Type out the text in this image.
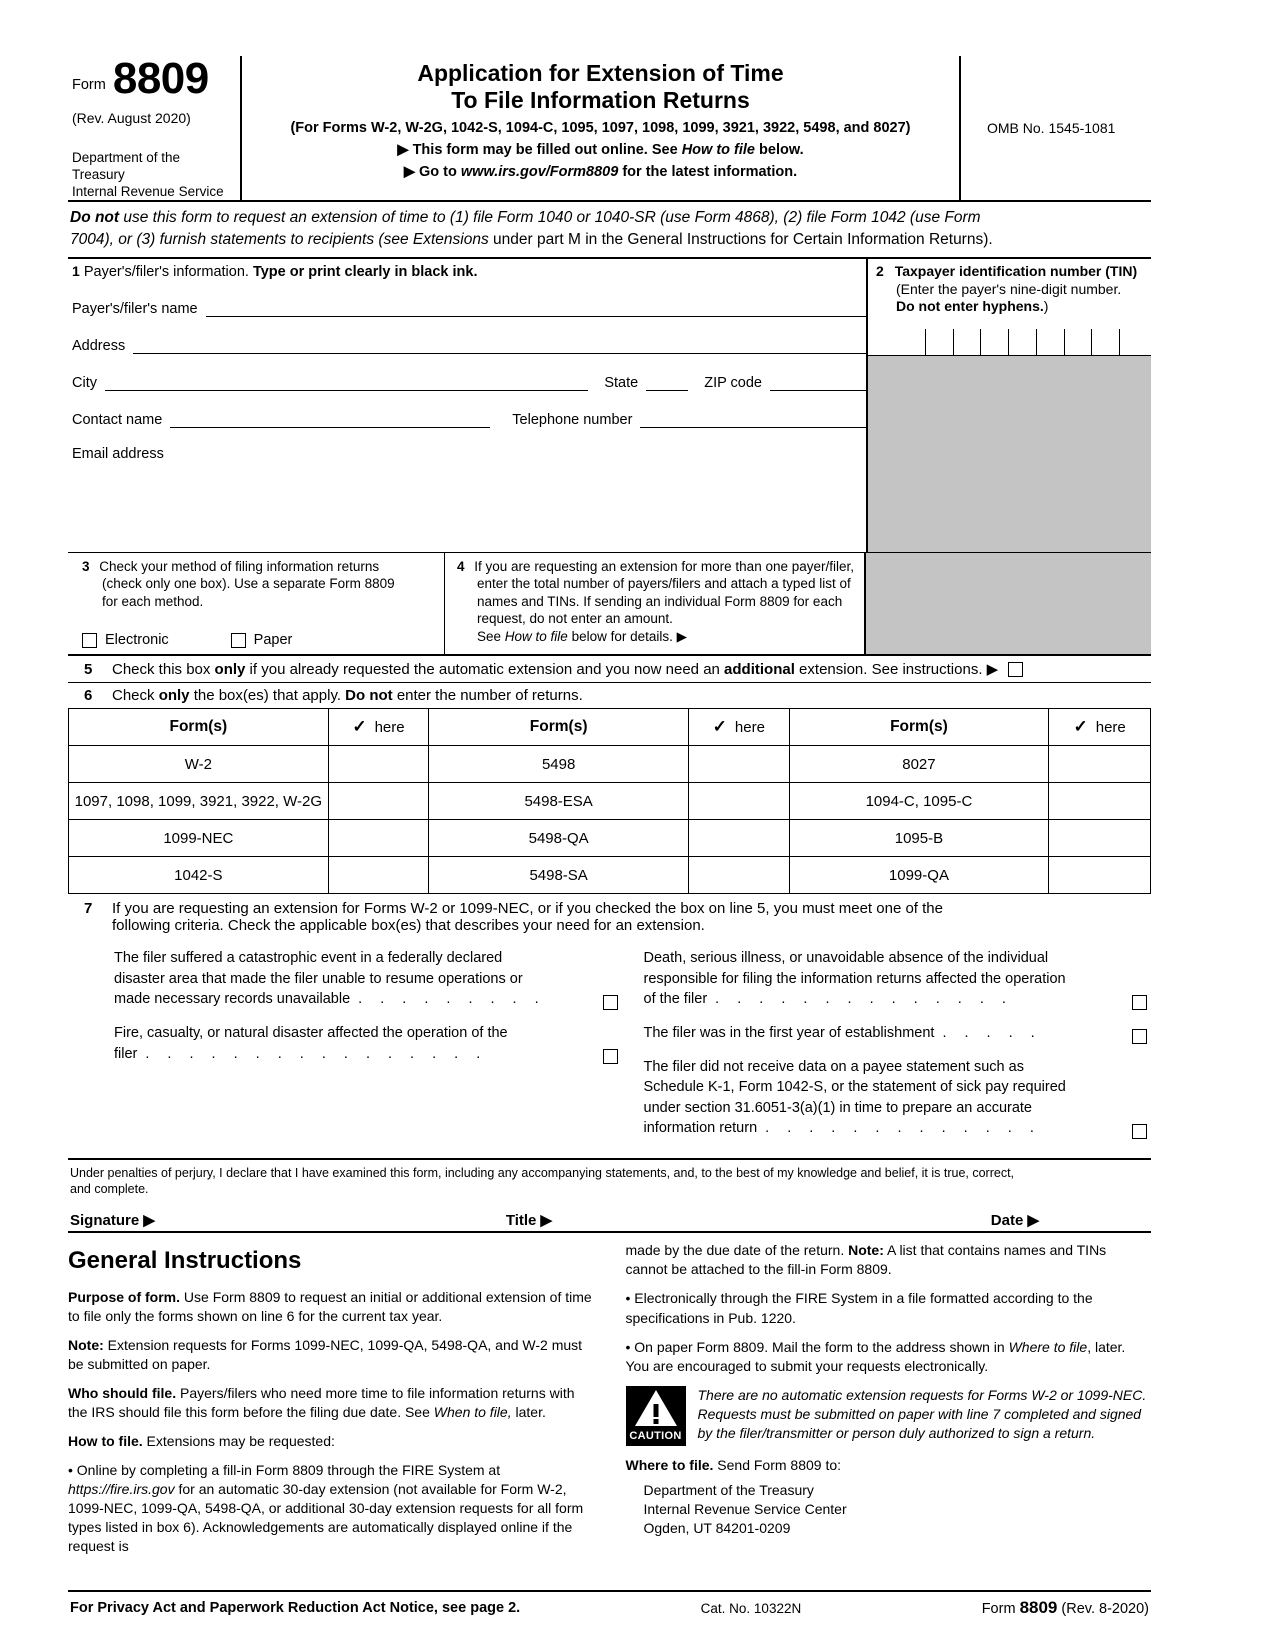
Form 8809
(Rev. August 2020)
Department of the Treasury
Internal Revenue Service
Application for Extension of Time
To File Information Returns
(For Forms W-2, W-2G, 1042-S, 1094-C, 1095, 1097, 1098, 1099, 3921, 3922, 5498, and 8027)
▶ This form may be filled out online. See How to file below.
▶ Go to www.irs.gov/Form8809 for the latest information.
OMB No. 1545-1081
Do not use this form to request an extension of time to (1) file Form 1040 or 1040-SR (use Form 4868), (2) file Form 1042 (use Form
7004), or (3) furnish statements to recipients (see Extensions under part M in the General Instructions for Certain Information Returns).
1 Payer's/filer's information. Type or print clearly in black ink.
Payer's/filer's name
Address
City	State	ZIP code
Contact name	Telephone number
Email address
2 Taxpayer identification number (TIN)
(Enter the payer's nine-digit number.
Do not enter hyphens.)
3 Check your method of filing information returns
(check only one box). Use a separate Form 8809
for each method.
Electronic	Paper
4 If you are requesting an extension for more than one payer/filer,
enter the total number of payers/filers and attach a typed list of
names and TINs. If sending an individual Form 8809 for each
request, do not enter an amount.
See How to file below for details. ▶
5	Check this box only if you already requested the automatic extension and you now need an additional extension. See instructions. ▶
6	Check only the box(es) that apply. Do not enter the number of returns.
Form(s)	✓ here	Form(s)	✓ here	Form(s)	✓ here
W-2		5498		8027	
1097, 1098, 1099, 3921, 3922, W-2G		5498-ESA		1094-C, 1095-C	
1099-NEC		5498-QA		1095-B	
1042-S		5498-SA		1099-QA	
7	If you are requesting an extension for Forms W-2 or 1099-NEC, or if you checked the box on line 5, you must meet one of the
following criteria. Check the applicable box(es) that describes your need for an extension.

The filer suffered a catastrophic event in a federally declared

disaster area that made the filer unable to resume operations or

made necessary records unavailable . . . . . . . . .

Fire, casualty, or natural disaster affected the operation of the

filer . . . . . . . . . . . . . . . .

Death, serious illness, or unavoidable absence of the individual

responsible for filing the information returns affected the operation

of the filer . . . . . . . . . . . . . .
The filer was in the first year of establishment . . . . .

The filer did not receive data on a payee statement such as

Schedule K-1, Form 1042-S, or the statement of sick pay required

under section 31.6051-3(a)(1) in time to prepare an accurate

information return . . . . . . . . . . . . .
Under penalties of perjury, I declare that I have examined this form, including any accompanying statements, and, to the best of my knowledge and belief, it is true, correct,
and complete.
Signature ▶	Title ▶	Date ▶
General Instructions

Purpose of form. Use Form 8809 to request an initial or additional extension of time to file only the forms shown on line 6 for the current tax year.

Note: Extension requests for Forms 1099-NEC, 1099-QA, 5498-QA, and W-2 must be submitted on paper.

Who should file. Payers/filers who need more time to file information returns with the IRS should file this form before the filing due date. See When to file, later.

How to file. Extensions may be requested:

• Online by completing a fill-in Form 8809 through the FIRE System at https://fire.irs.gov for an automatic 30-day extension (not available for Form W-2, 1099-NEC, 1099-QA, 5498-QA, or additional 30-day extension requests for all form types listed in box 6). Acknowledgements are automatically displayed online if the request is

made by the due date of the return. Note: A list that contains names and TINs cannot be attached to the fill-in Form 8809.

• Electronically through the FIRE System in a file formatted according to the specifications in Pub. 1220.

• On paper Form 8809. Mail the form to the address shown in Where to file, later. You are encouraged to submit your requests electronically.

CAUTION
There are no automatic extension requests for Forms W-2 or 1099-NEC. Requests must be submitted on paper with line 7 completed and signed by the filer/transmitter or person duly authorized to sign a return.

Where to file. Send Form 8809 to:

Department of the Treasury
Internal Revenue Service Center
Ogden, UT 84201-0209
For Privacy Act and Paperwork Reduction Act Notice, see page 2.	Cat. No. 10322N	Form 8809 (Rev. 8-2020)
